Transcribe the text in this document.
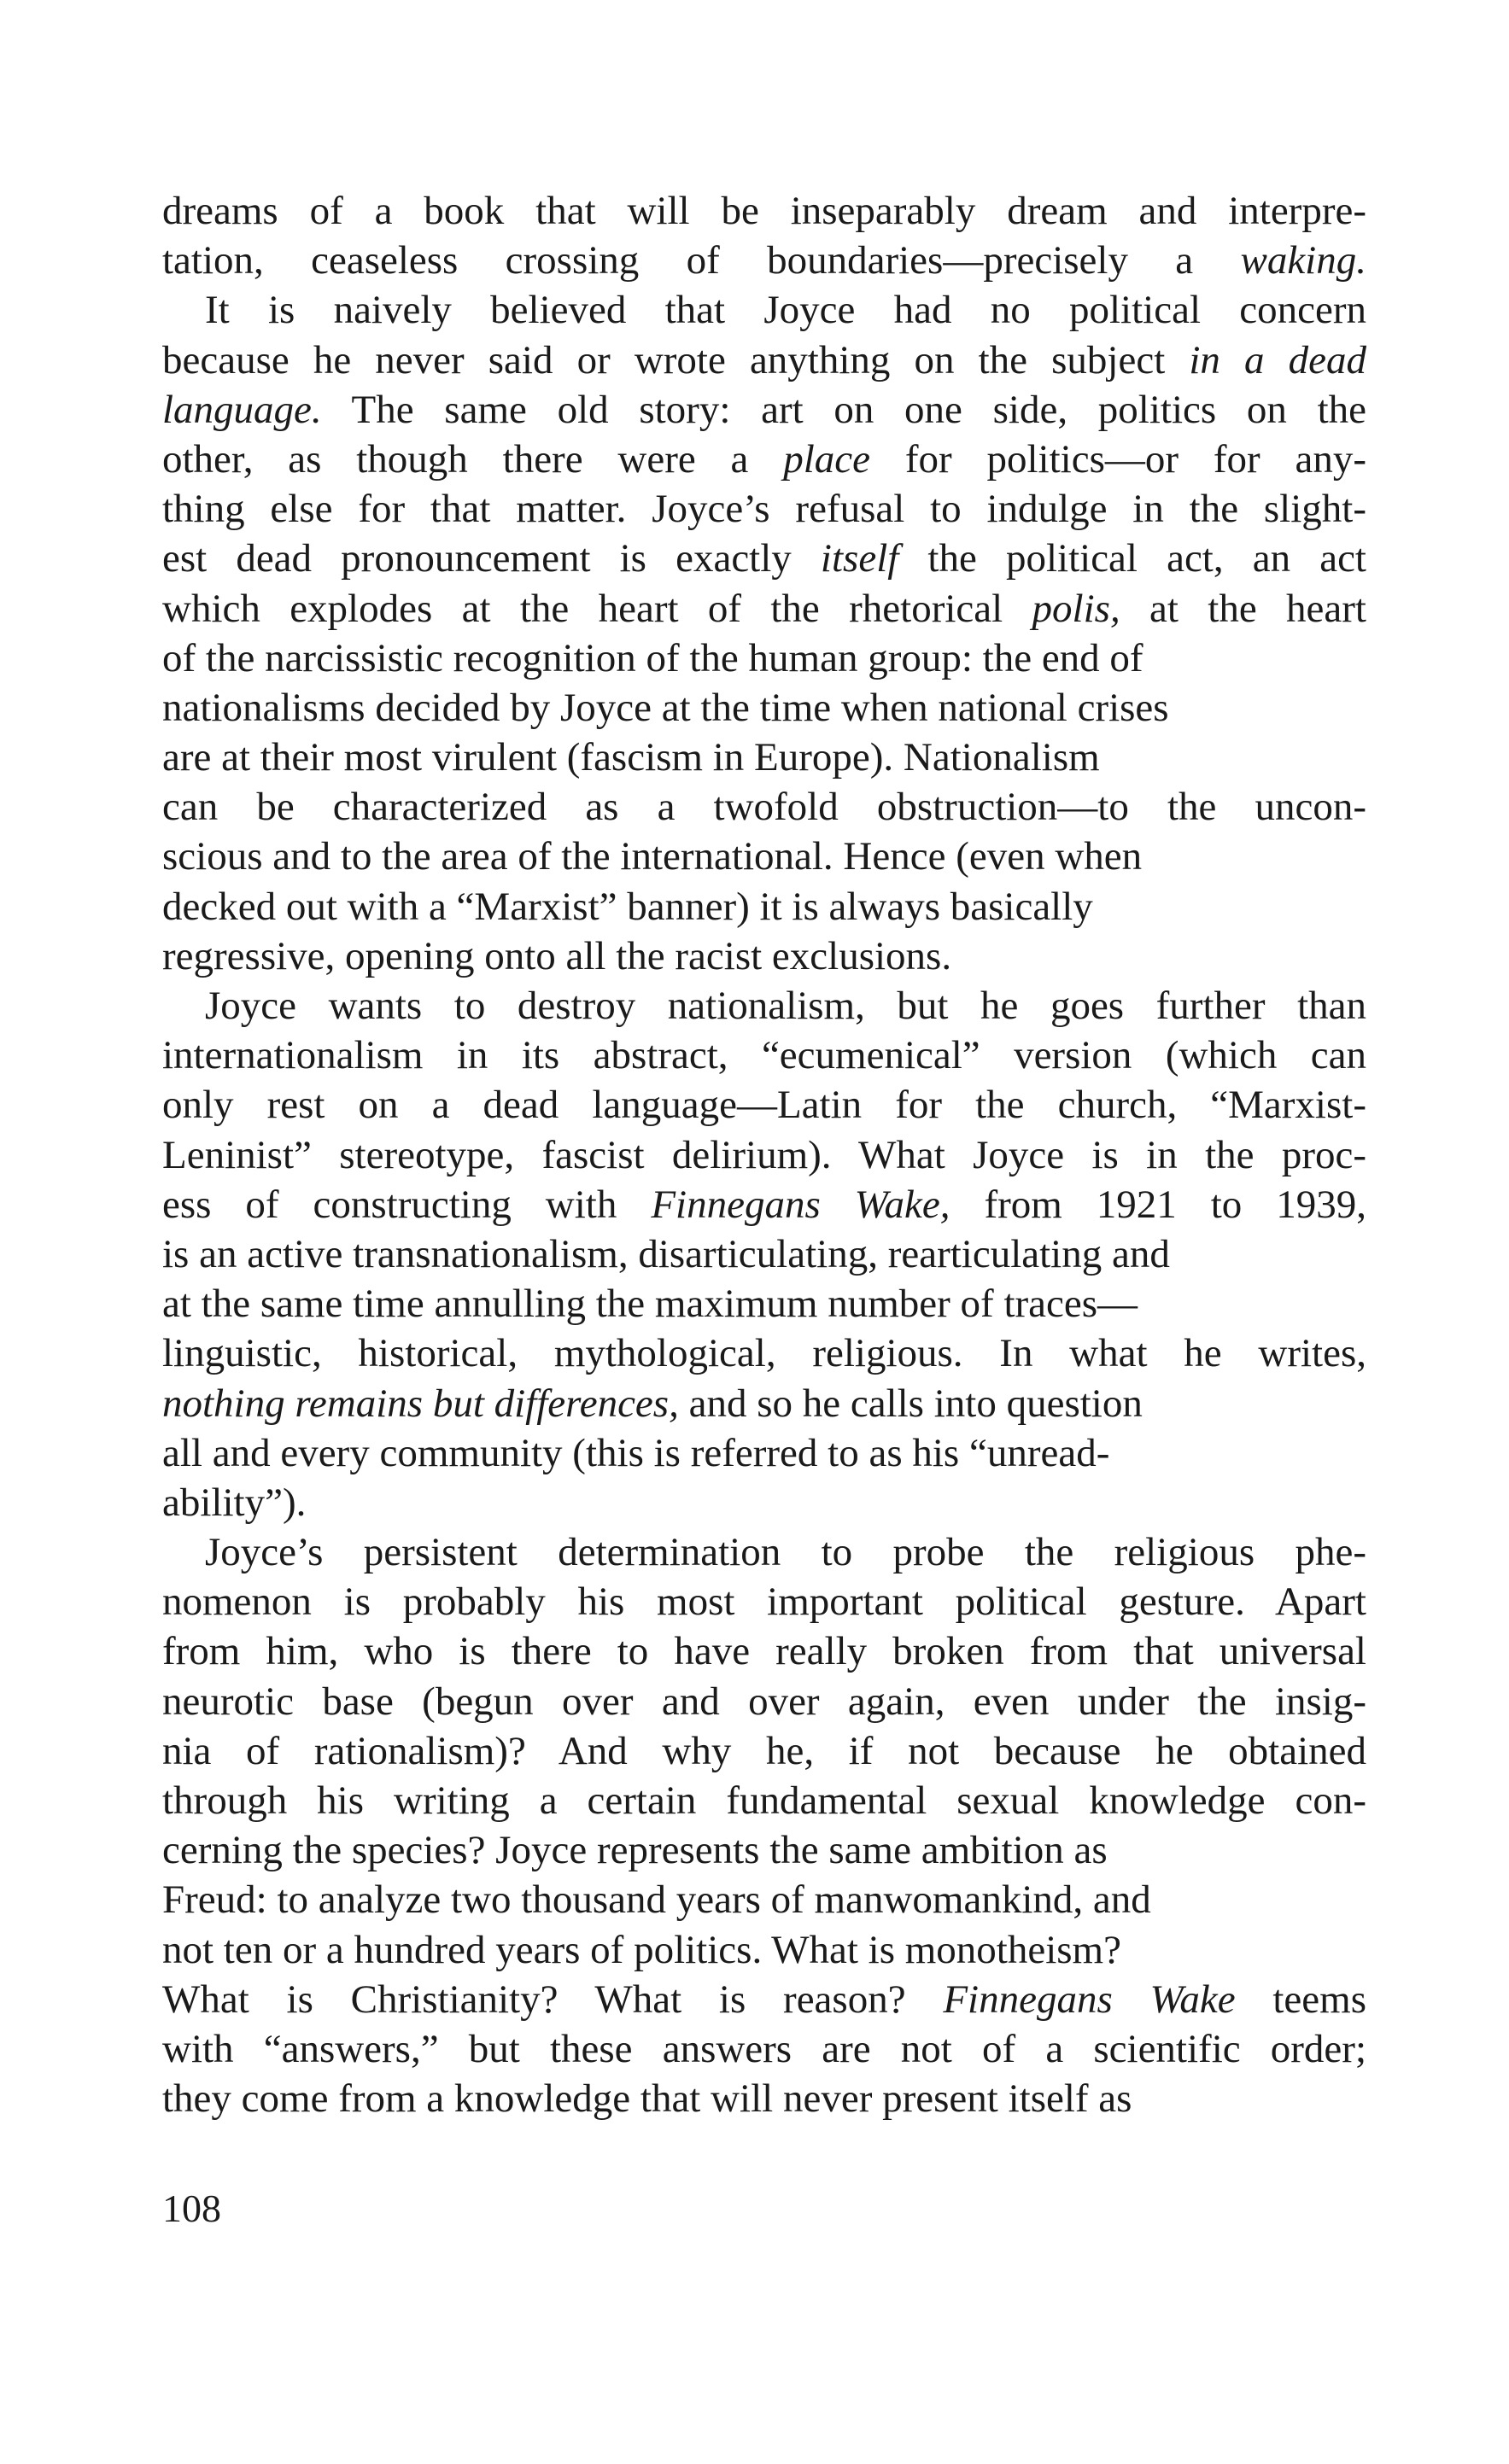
dreams of a book that will be inseparably dream and interpre-
tation, ceaseless crossing of boundaries—precisely a waking.
It is naively believed that Joyce had no political concern
because he never said or wrote anything on the subject in a dead
language. The same old story: art on one side, politics on the
other, as though there were a place for politics—or for any-
thing else for that matter. Joyce’s refusal to indulge in the slight-
est dead pronouncement is exactly itself the political act, an act
which explodes at the heart of the rhetorical polis, at the heart
of the narcissistic recognition of the human group: the end of
nationalisms decided by Joyce at the time when national crises
are at their most virulent (fascism in Europe). Nationalism
can be characterized as a twofold obstruction—to the uncon-
scious and to the area of the international. Hence (even when
decked out with a “Marxist” banner) it is always basically
regressive, opening onto all the racist exclusions.
Joyce wants to destroy nationalism, but he goes further than
internationalism in its abstract, “ecumenical” version (which can
only rest on a dead language—Latin for the church, “Marxist-
Leninist” stereotype, fascist delirium). What Joyce is in the proc-
ess of constructing with Finnegans Wake, from 1921 to 1939,
is an active transnationalism, disarticulating, rearticulating and
at the same time annulling the maximum number of traces—
linguistic, historical, mythological, religious. In what he writes,
nothing remains but differences, and so he calls into question
all and every community (this is referred to as his “unread-
ability”).
Joyce’s persistent determination to probe the religious phe-
nomenon is probably his most important political gesture. Apart
from him, who is there to have really broken from that universal
neurotic base (begun over and over again, even under the insig-
nia of rationalism)? And why he, if not because he obtained
through his writing a certain fundamental sexual knowledge con-
cerning the species? Joyce represents the same ambition as
Freud: to analyze two thousand years of manwomankind, and
not ten or a hundred years of politics. What is monotheism?
What is Christianity? What is reason? Finnegans Wake teems
with “answers,” but these answers are not of a scientific order;
they come from a knowledge that will never present itself as
108
